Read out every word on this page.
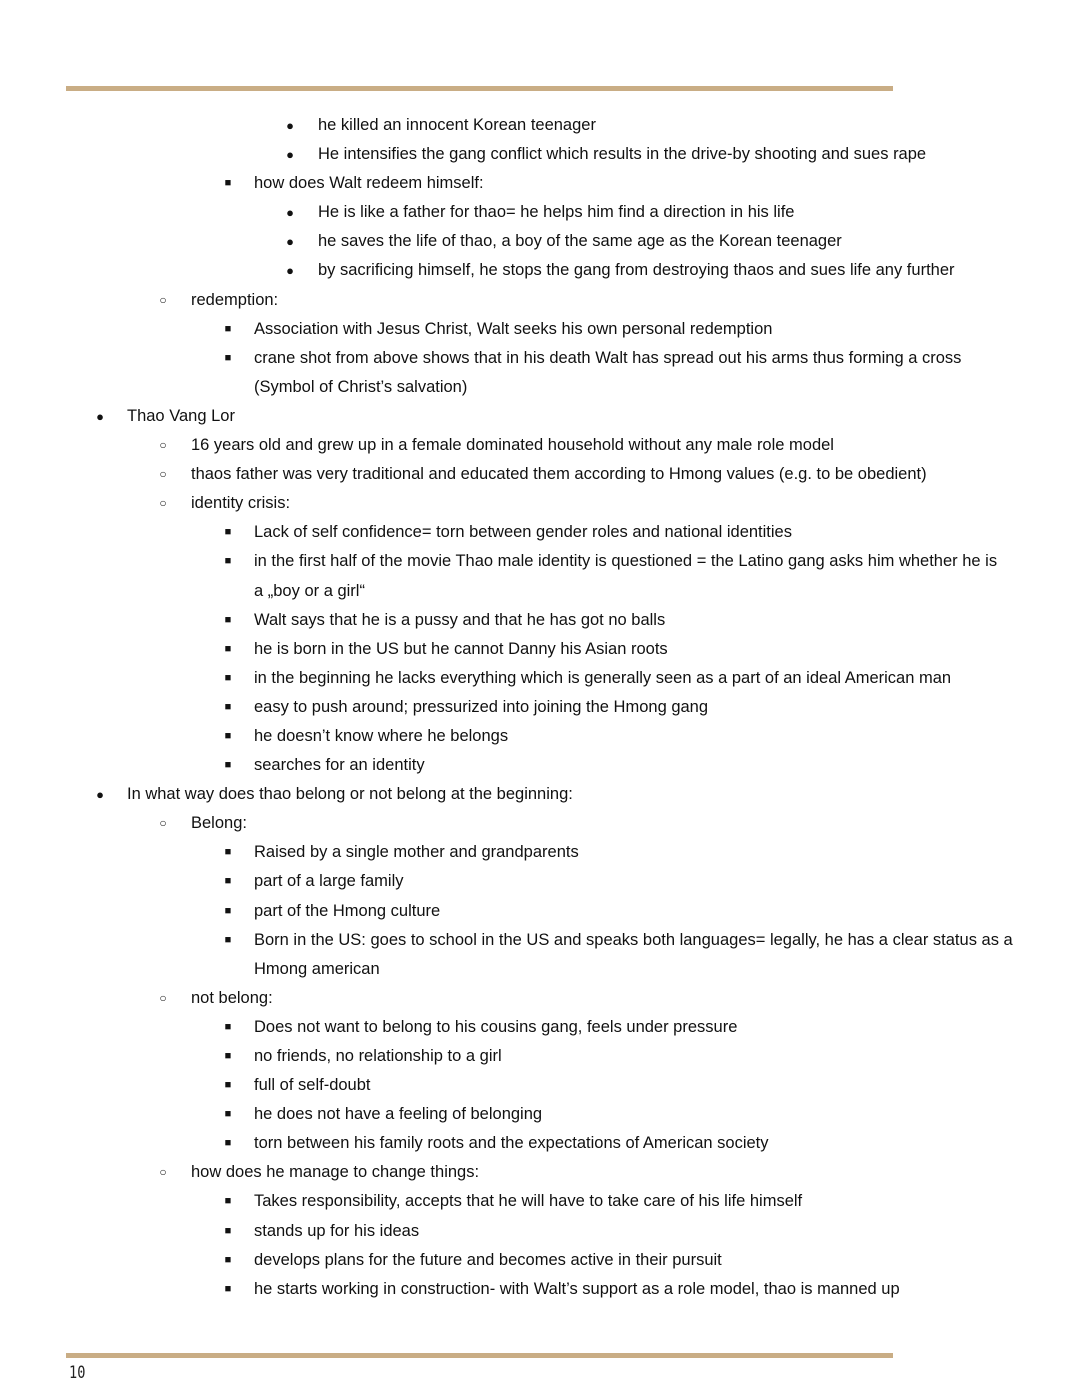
● he killed an innocent Korean teenager
● He intensifies the gang conflict which results in the drive-by shooting and sues rape
■ how does Walt redeem himself:
● He is like a father for thao= he helps him find a direction in his life
● he saves the life of thao, a boy of the same age as the Korean teenager
● by sacrificing himself, he stops the gang from destroying thaos and sues life any further
○ redemption:
■ Association with Jesus Christ, Walt seeks his own personal redemption
■ crane shot from above shows that in his death Walt has spread out his arms thus forming a cross
(Symbol of Christ’s salvation)
● Thao Vang Lor
○ 16 years old and grew up in a female dominated household without any male role model
○ thaos father was very traditional and educated them according to Hmong values (e.g. to be obedient)
○ identity crisis:
■ Lack of self confidence= torn between gender roles and national identities
■ in the first half of the movie Thao male identity is questioned = the Latino gang asks him whether he is
a „boy or a girl“
■ Walt says that he is a pussy and that he has got no balls
■ he is born in the US but he cannot Danny his Asian roots
■ in the beginning he lacks everything which is generally seen as a part of an ideal American man
■ easy to push around; pressurized into joining the Hmong gang
■ he doesn’t know where he belongs
■ searches for an identity
● In what way does thao belong or not belong at the beginning:
○ Belong:
■ Raised by a single mother and grandparents
■ part of a large family
■ part of the Hmong culture
■ Born in the US: goes to school in the US and speaks both languages= legally, he has a clear status as a
Hmong american
○ not belong:
■ Does not want to belong to his cousins gang, feels under pressure
■ no friends, no relationship to a girl
■ full of self-doubt
■ he does not have a feeling of belonging
■ torn between his family roots and the expectations of American society
○ how does he manage to change things:
■ Takes responsibility, accepts that he will have to take care of his life himself
■ stands up for his ideas
■ develops plans for the future and becomes active in their pursuit
■ he starts working in construction- with Walt’s support as a role model, thao is manned up
10
